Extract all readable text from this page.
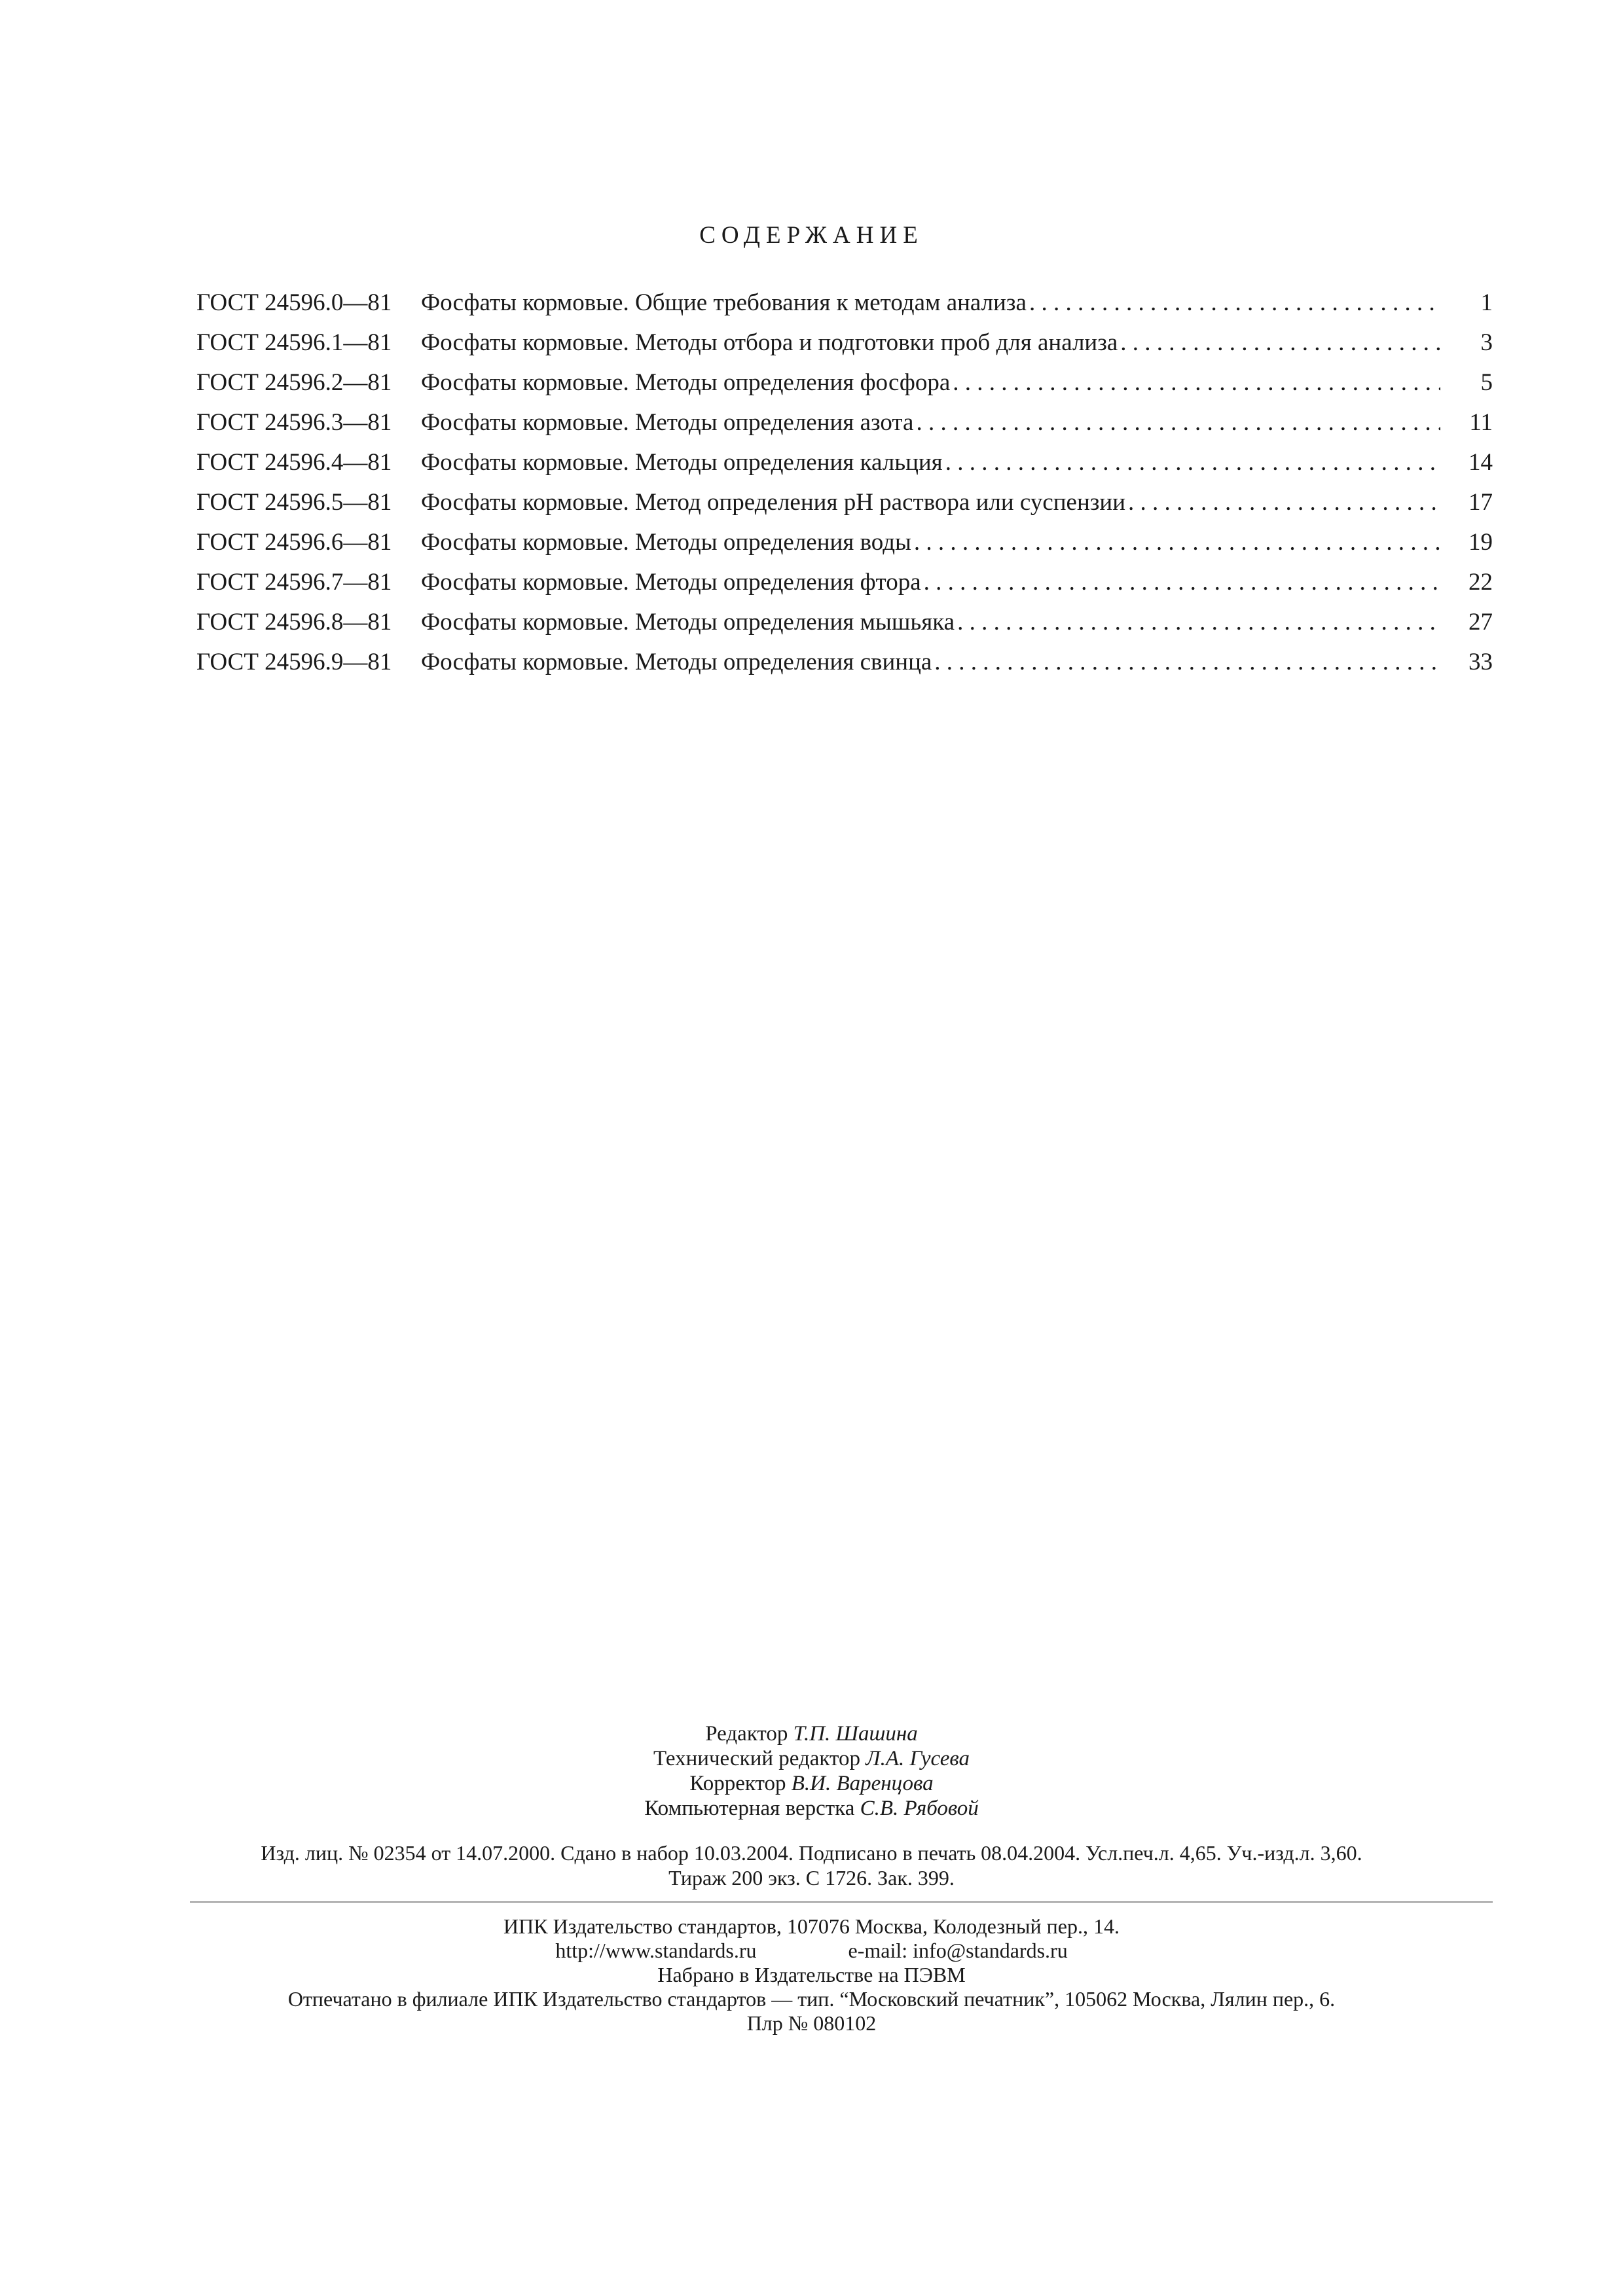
СОДЕРЖАНИЕ
ГОСТ 24596.0—81	Фосфаты кормовые. Общие требования к методам анализа . . .	1
ГОСТ 24596.1—81	Фосфаты кормовые. Методы отбора и подготовки проб для анализа . . .	3
ГОСТ 24596.2—81	Фосфаты кормовые. Методы определения фосфора . . .	5
ГОСТ 24596.3—81	Фосфаты кормовые. Методы определения азота . . .	11
ГОСТ 24596.4—81	Фосфаты кормовые. Методы определения кальция . . .	14
ГОСТ 24596.5—81	Фосфаты кормовые. Метод определения pH раствора или суспензии . . .	17
ГОСТ 24596.6—81	Фосфаты кормовые. Методы определения воды . . .	19
ГОСТ 24596.7—81	Фосфаты кормовые. Методы определения фтора . . .	22
ГОСТ 24596.8—81	Фосфаты кормовые. Методы определения мышьяка . . .	27
ГОСТ 24596.9—81	Фосфаты кормовые. Методы определения свинца . . .	33
Редактор Т.П. Шашина
Технический редактор Л.А. Гусева
Корректор В.И. Варенцова
Компьютерная верстка С.В. Рябовой
Изд. лиц. № 02354 от 14.07.2000. Сдано в набор 10.03.2004. Подписано в печать 08.04.2004. Усл.печ.л. 4,65. Уч.-изд.л. 3,60.
Тираж 200 экз. С 1726. Зак. 399.
ИПК Издательство стандартов, 107076 Москва, Колодезный пер., 14.
http://www.standards.ru	e-mail: info@standards.ru
Набрано в Издательстве на ПЭВМ
Отпечатано в филиале ИПК Издательство стандартов — тип. “Московский печатник”, 105062 Москва, Лялин пер., 6.
Плр № 080102
